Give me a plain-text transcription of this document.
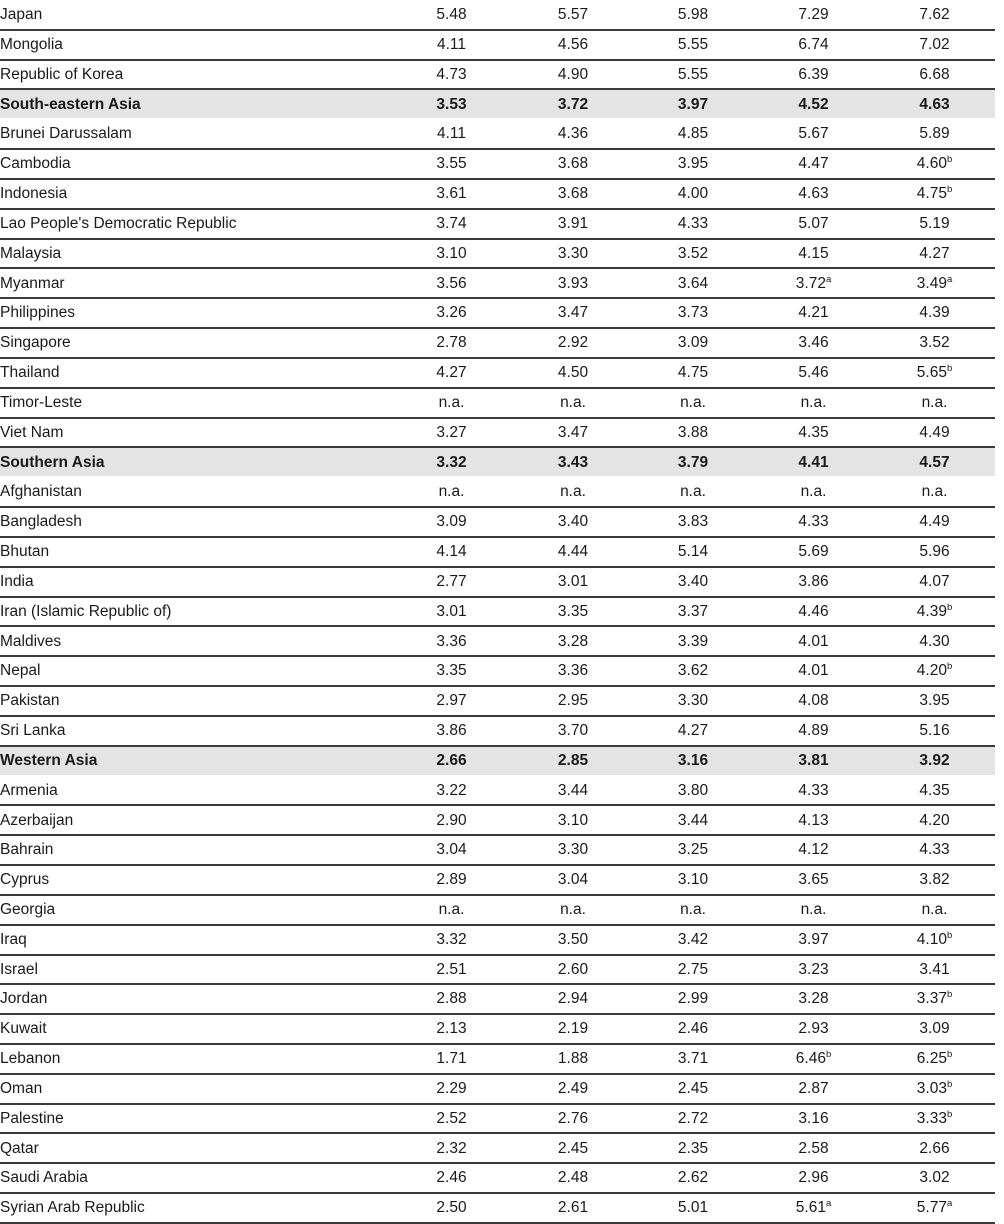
Japan	5.48	5.57	5.98	7.29	7.62
Mongolia	4.11	4.56	5.55	6.74	7.02
Republic of Korea	4.73	4.90	5.55	6.39	6.68
South-eastern Asia	3.53	3.72	3.97	4.52	4.63
Brunei Darussalam	4.11	4.36	4.85	5.67	5.89
Cambodia	3.55	3.68	3.95	4.47	4.60$^b$
Indonesia	3.61	3.68	4.00	4.63	4.75$^b$
Lao People's Democratic Republic	3.74	3.91	4.33	5.07	5.19
Malaysia	3.10	3.30	3.52	4.15	4.27
Myanmar	3.56	3.93	3.64	3.72$^a$	3.49$^a$
Philippines	3.26	3.47	3.73	4.21	4.39
Singapore	2.78	2.92	3.09	3.46	3.52
Thailand	4.27	4.50	4.75	5.46	5.65$^b$
Timor-Leste	n.a.	n.a.	n.a.	n.a.	n.a.
Viet Nam	3.27	3.47	3.88	4.35	4.49
Southern Asia	3.32	3.43	3.79	4.41	4.57
Afghanistan	n.a.	n.a.	n.a.	n.a.	n.a.
Bangladesh	3.09	3.40	3.83	4.33	4.49
Bhutan	4.14	4.44	5.14	5.69	5.96
India	2.77	3.01	3.40	3.86	4.07
Iran (Islamic Republic of)	3.01	3.35	3.37	4.46	4.39$^b$
Maldives	3.36	3.28	3.39	4.01	4.30
Nepal	3.35	3.36	3.62	4.01	4.20$^b$
Pakistan	2.97	2.95	3.30	4.08	3.95
Sri Lanka	3.86	3.70	4.27	4.89	5.16
Western Asia	2.66	2.85	3.16	3.81	3.92
Armenia	3.22	3.44	3.80	4.33	4.35
Azerbaijan	2.90	3.10	3.44	4.13	4.20
Bahrain	3.04	3.30	3.25	4.12	4.33
Cyprus	2.89	3.04	3.10	3.65	3.82
Georgia	n.a.	n.a.	n.a.	n.a.	n.a.
Iraq	3.32	3.50	3.42	3.97	4.10$^b$
Israel	2.51	2.60	2.75	3.23	3.41
Jordan	2.88	2.94	2.99	3.28	3.37$^b$
Kuwait	2.13	2.19	2.46	2.93	3.09
Lebanon	1.71	1.88	3.71	6.46$^b$	6.25$^b$
Oman	2.29	2.49	2.45	2.87	3.03$^b$
Palestine	2.52	2.76	2.72	3.16	3.33$^b$
Qatar	2.32	2.45	2.35	2.58	2.66
Saudi Arabia	2.46	2.48	2.62	2.96	3.02
Syrian Arab Republic	2.50	2.61	5.01	5.61$^a$	5.77$^a$
